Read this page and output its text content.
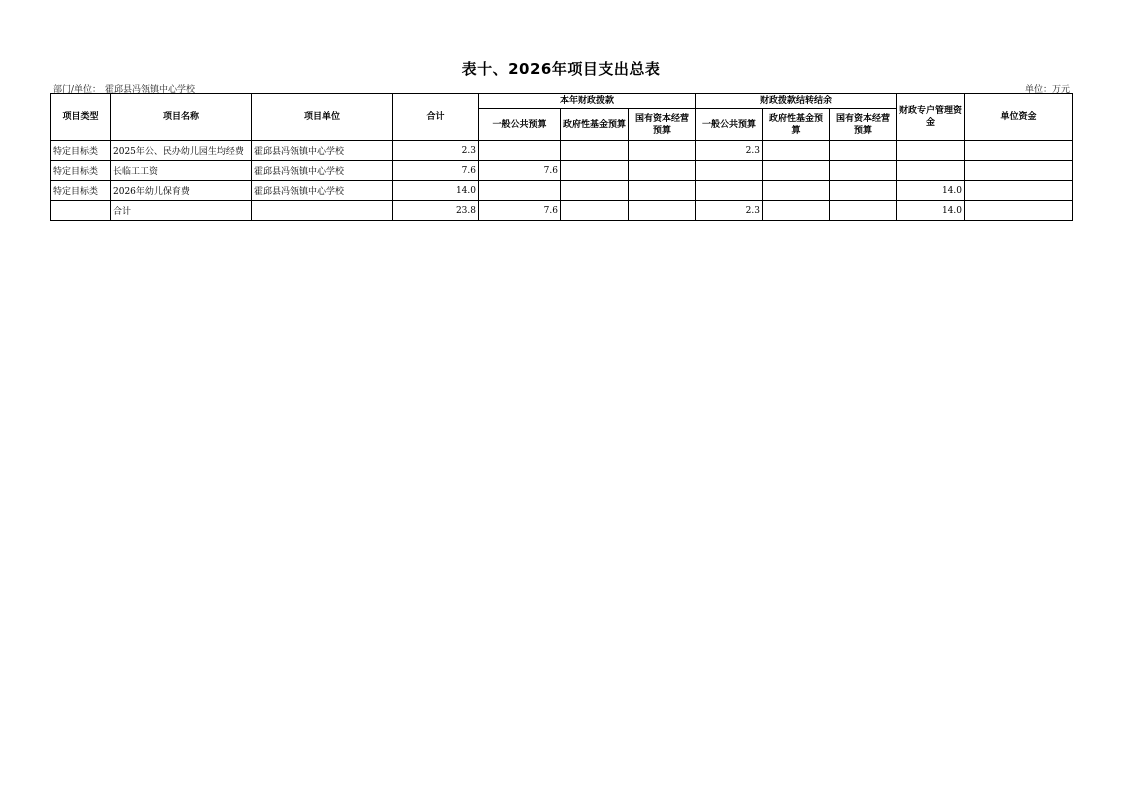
表十、2026年项目支出总表
部门/单位： 霍邱县冯瓴镇中心学校	单位：万元
项目类型	项目名称	项目单位	合计	本年财政拨款			财政拨款结转结余			财政专户管理资金	单位资金
				一般公共预算	政府性基金预算	国有资本经营预算	一般公共预算	政府性基金预算	国有资本经营预算		
特定目标类	2025年公、民办幼儿园生均经费	霍邱县冯瓴镇中心学校	2.3				2.3				
特定目标类	长临工工资	霍邱县冯瓴镇中心学校	7.6	7.6							
特定目标类	2026年幼儿保育费	霍邱县冯瓴镇中心学校	14.0							14.0	
	合计		23.8	7.6			2.3			14.0	
